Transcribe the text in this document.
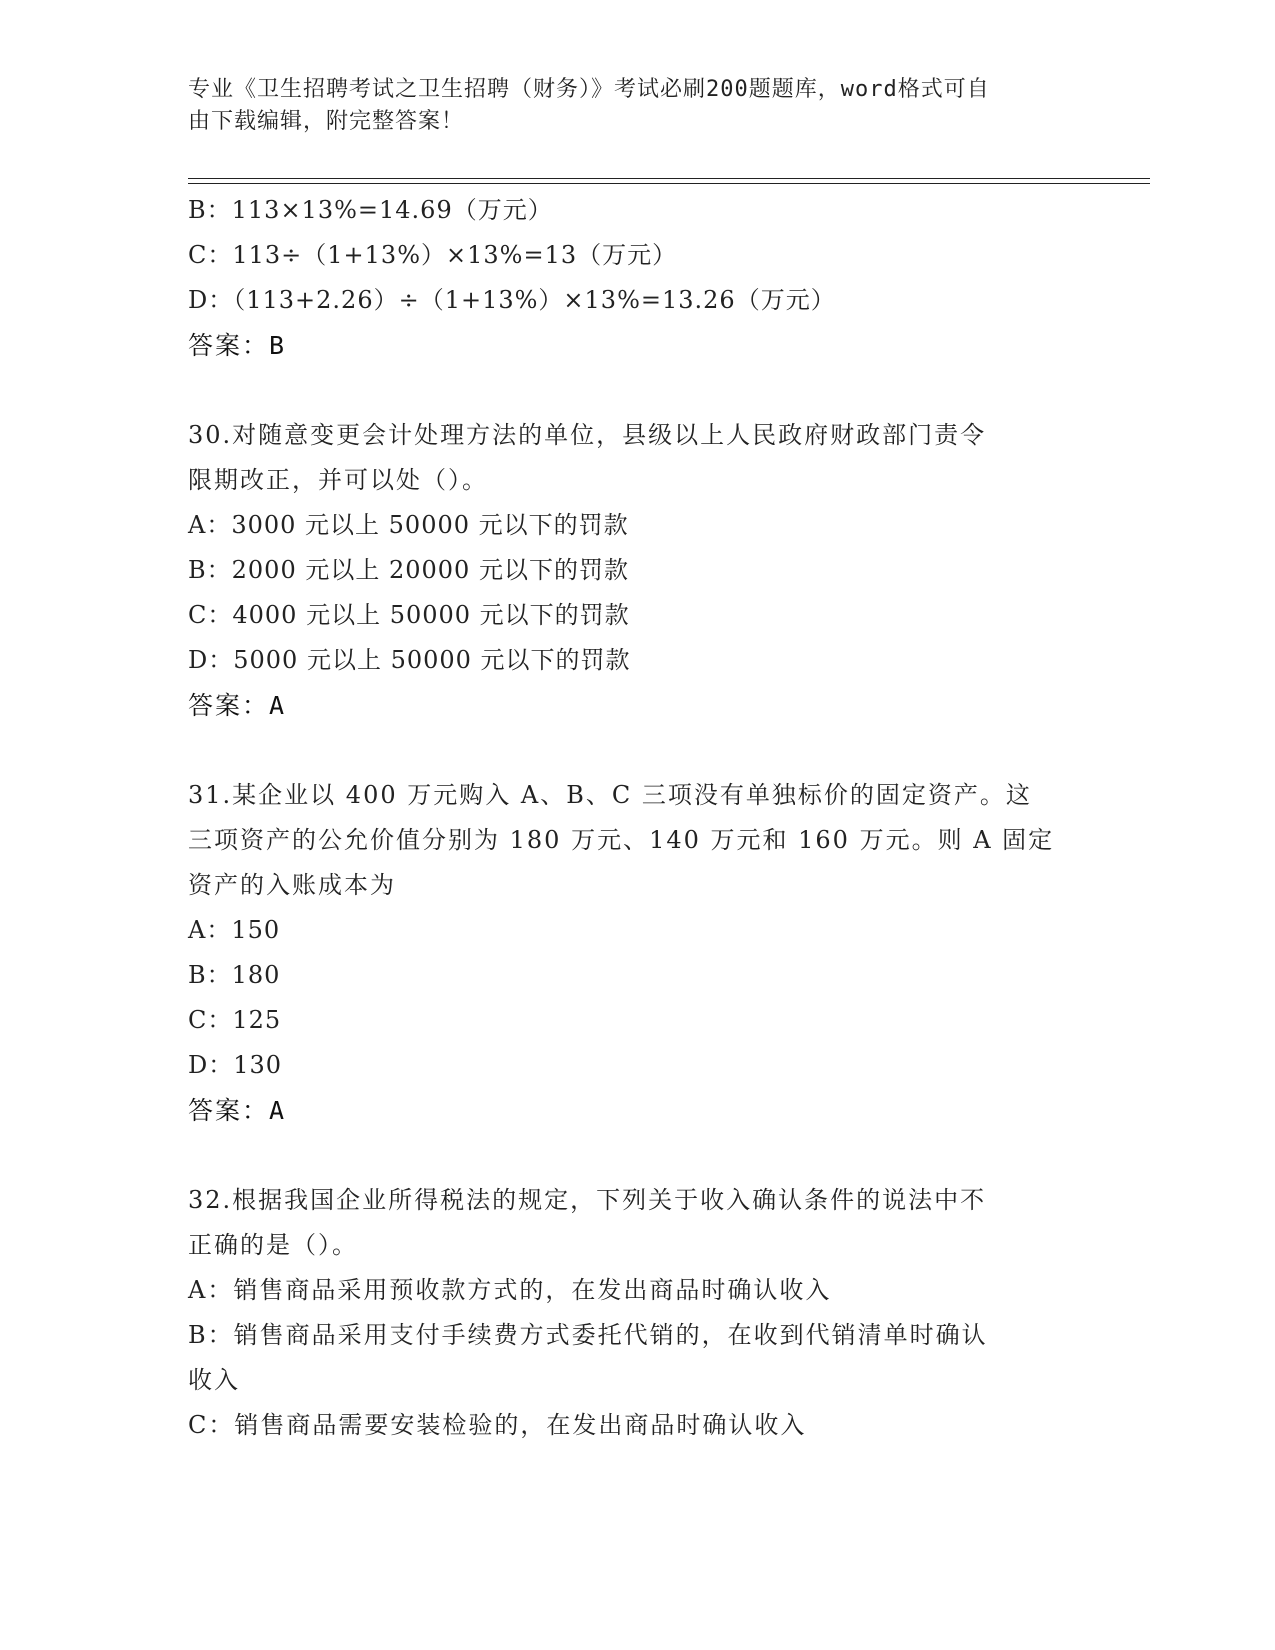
专业《卫生招聘考试之卫生招聘（财务）》考试必刷200题题库，word格式可自
由下载编辑，附完整答案！
B：113×13%=14.69（万元）
C：113÷（1+13%）×13%=13（万元）
D：（113+2.26）÷（1+13%）×13%=13.26（万元）
答案：B
30.对随意变更会计处理方法的单位，县级以上人民政府财政部门责令
限期改正，并可以处（）。
A：3000 元以上 50000 元以下的罚款
B：2000 元以上 20000 元以下的罚款
C：4000 元以上 50000 元以下的罚款
D：5000 元以上 50000 元以下的罚款
答案：A
31.某企业以 400 万元购入 A、B、C 三项没有单独标价的固定资产。这
三项资产的公允价值分别为 180 万元、140 万元和 160 万元。则 A 固定
资产的入账成本为
A：150
B：180
C：125
D：130
答案：A
32.根据我国企业所得税法的规定，下列关于收入确认条件的说法中不
正确的是（）。
A：销售商品采用预收款方式的，在发出商品时确认收入
B：销售商品采用支付手续费方式委托代销的，在收到代销清单时确认
收入
C：销售商品需要安装检验的，在发出商品时确认收入
